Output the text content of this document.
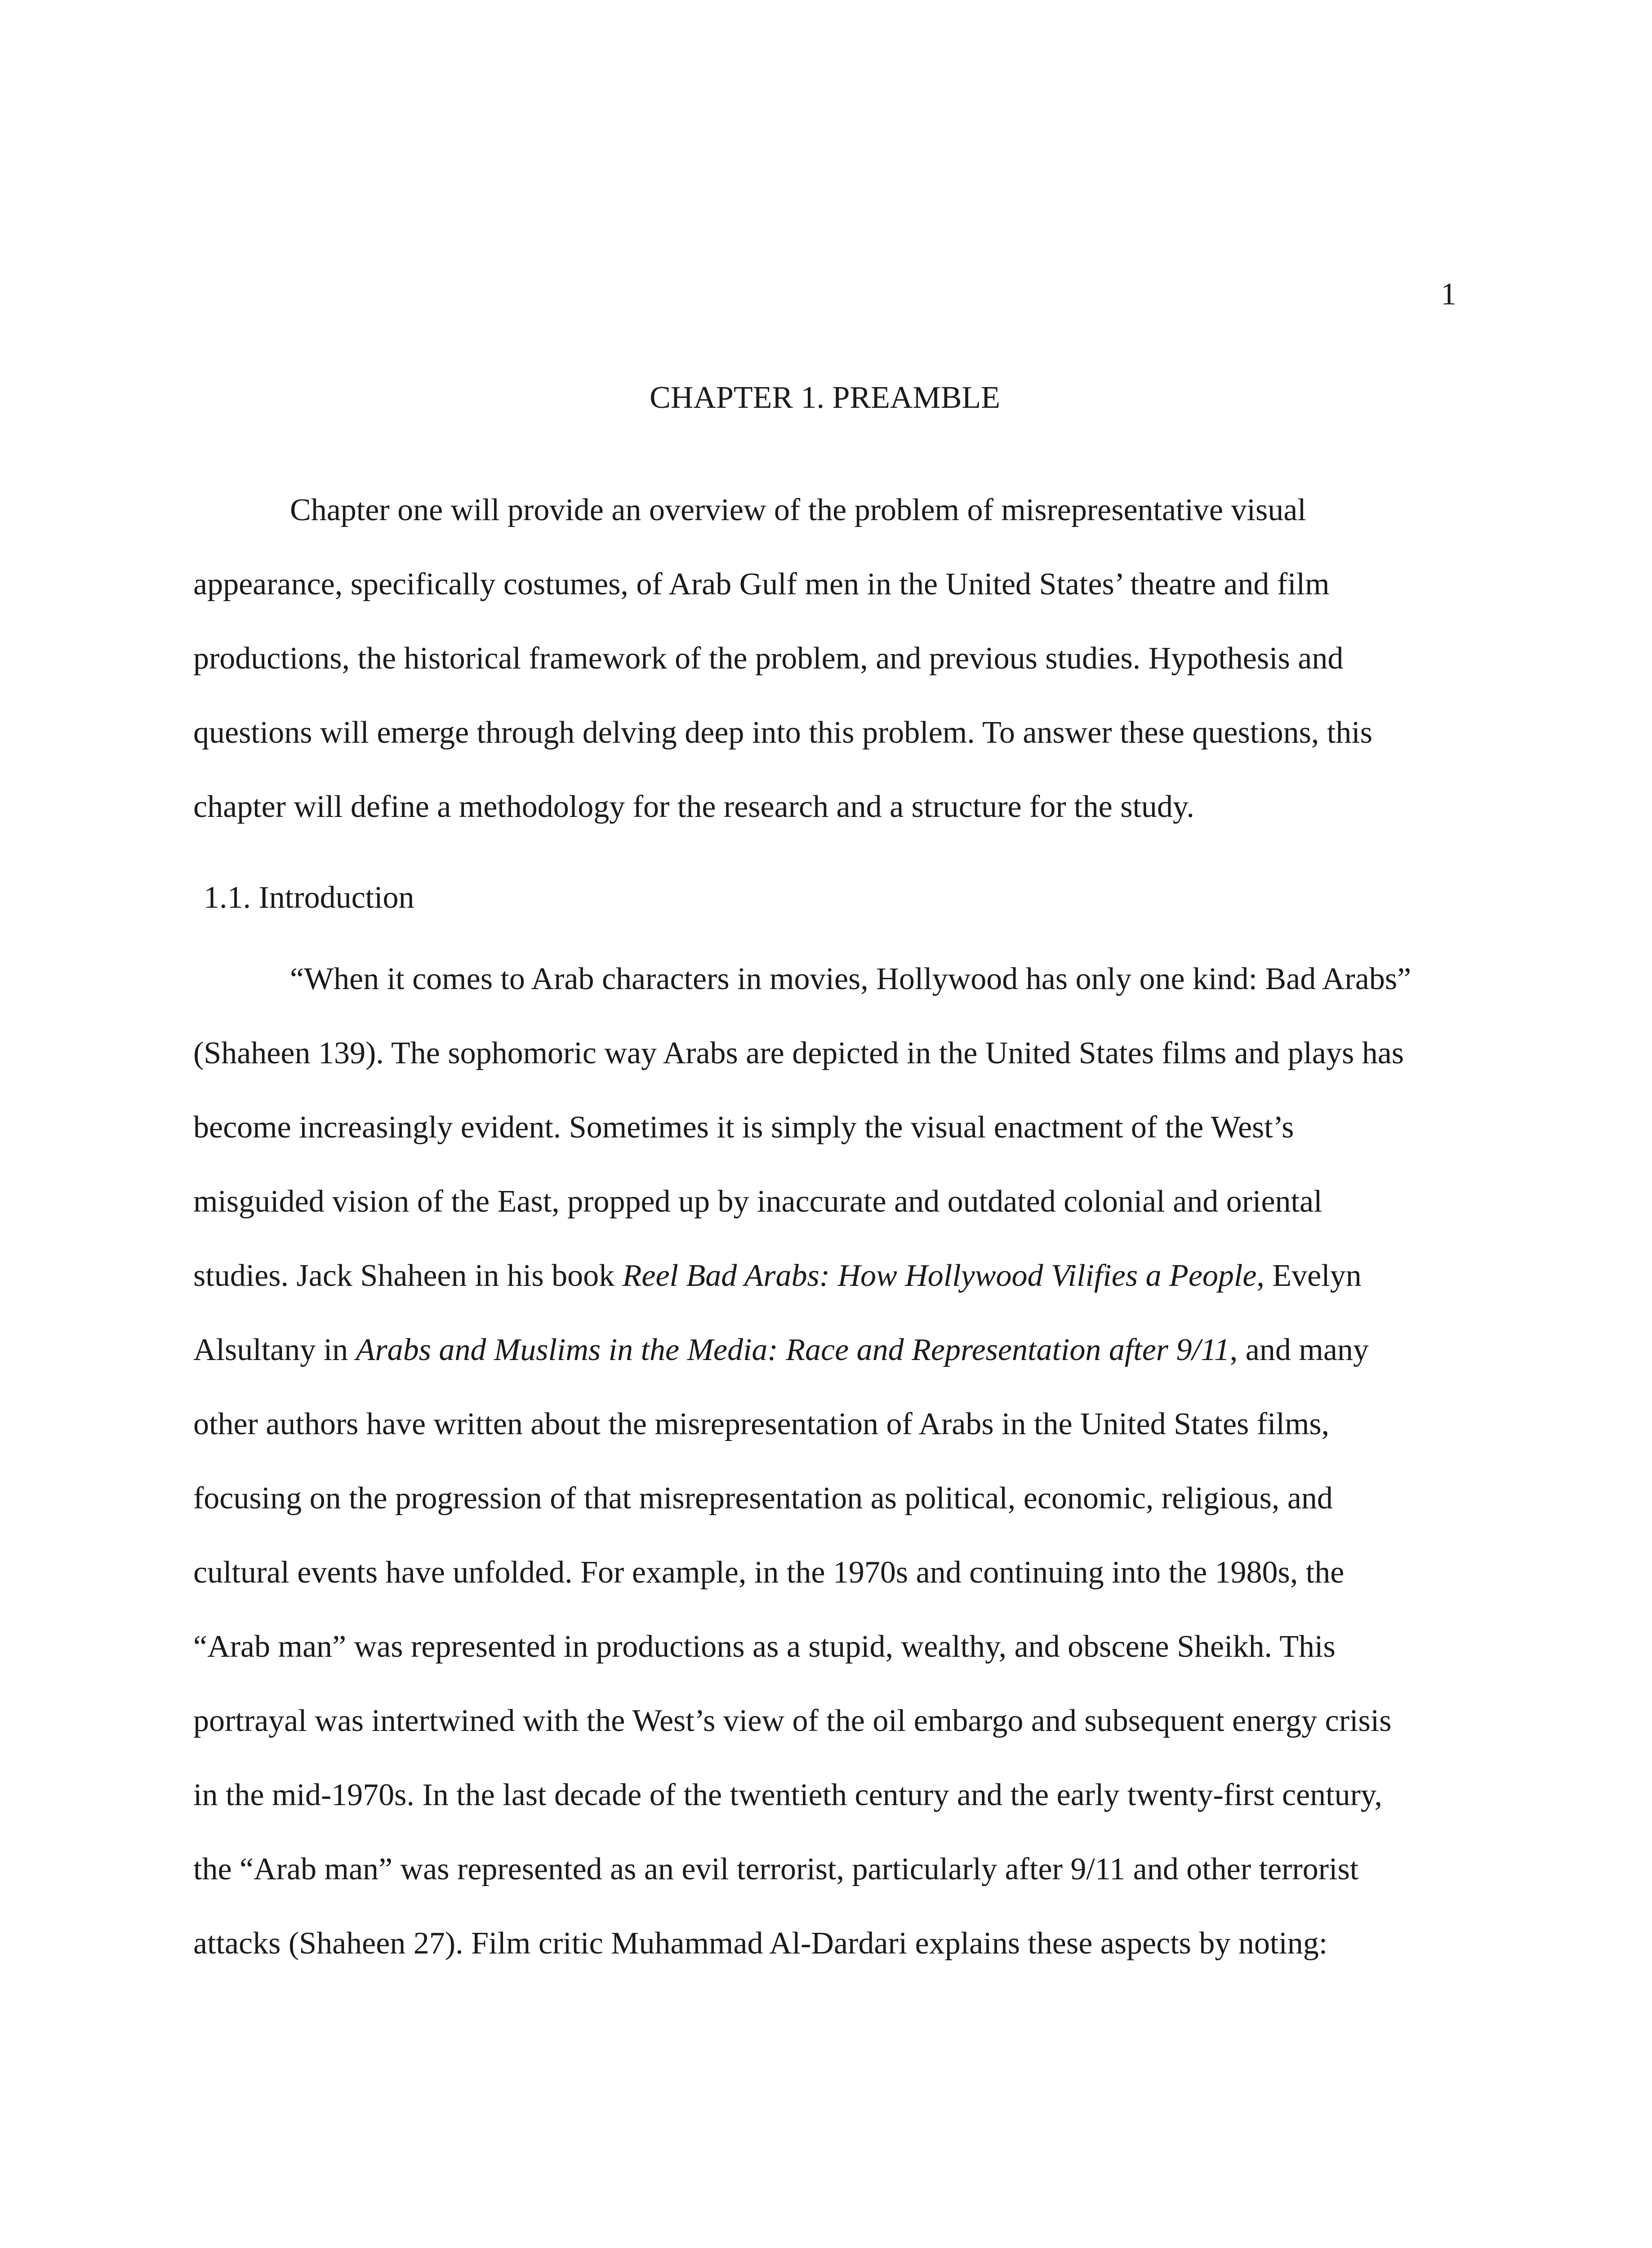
1
CHAPTER 1. PREAMBLE
Chapter one will provide an overview of the problem of misrepresentative visual
appearance, specifically costumes, of Arab Gulf men in the United States’ theatre and film
productions, the historical framework of the problem, and previous studies. Hypothesis and
questions will emerge through delving deep into this problem. To answer these questions, this
chapter will define a methodology for the research and a structure for the study.
1.1. Introduction
“When it comes to Arab characters in movies, Hollywood has only one kind: Bad Arabs”
(Shaheen 139). The sophomoric way Arabs are depicted in the United States films and plays has
become increasingly evident. Sometimes it is simply the visual enactment of the West’s
misguided vision of the East, propped up by inaccurate and outdated colonial and oriental
studies. Jack Shaheen in his book Reel Bad Arabs: How Hollywood Vilifies a People, Evelyn
Alsultany in Arabs and Muslims in the Media: Race and Representation after 9/11, and many
other authors have written about the misrepresentation of Arabs in the United States films,
focusing on the progression of that misrepresentation as political, economic, religious, and
cultural events have unfolded. For example, in the 1970s and continuing into the 1980s, the
“Arab man” was represented in productions as a stupid, wealthy, and obscene Sheikh. This
portrayal was intertwined with the West’s view of the oil embargo and subsequent energy crisis
in the mid-1970s. In the last decade of the twentieth century and the early twenty-first century,
the “Arab man” was represented as an evil terrorist, particularly after 9/11 and other terrorist
attacks (Shaheen 27). Film critic Muhammad Al-Dardari explains these aspects by noting:
